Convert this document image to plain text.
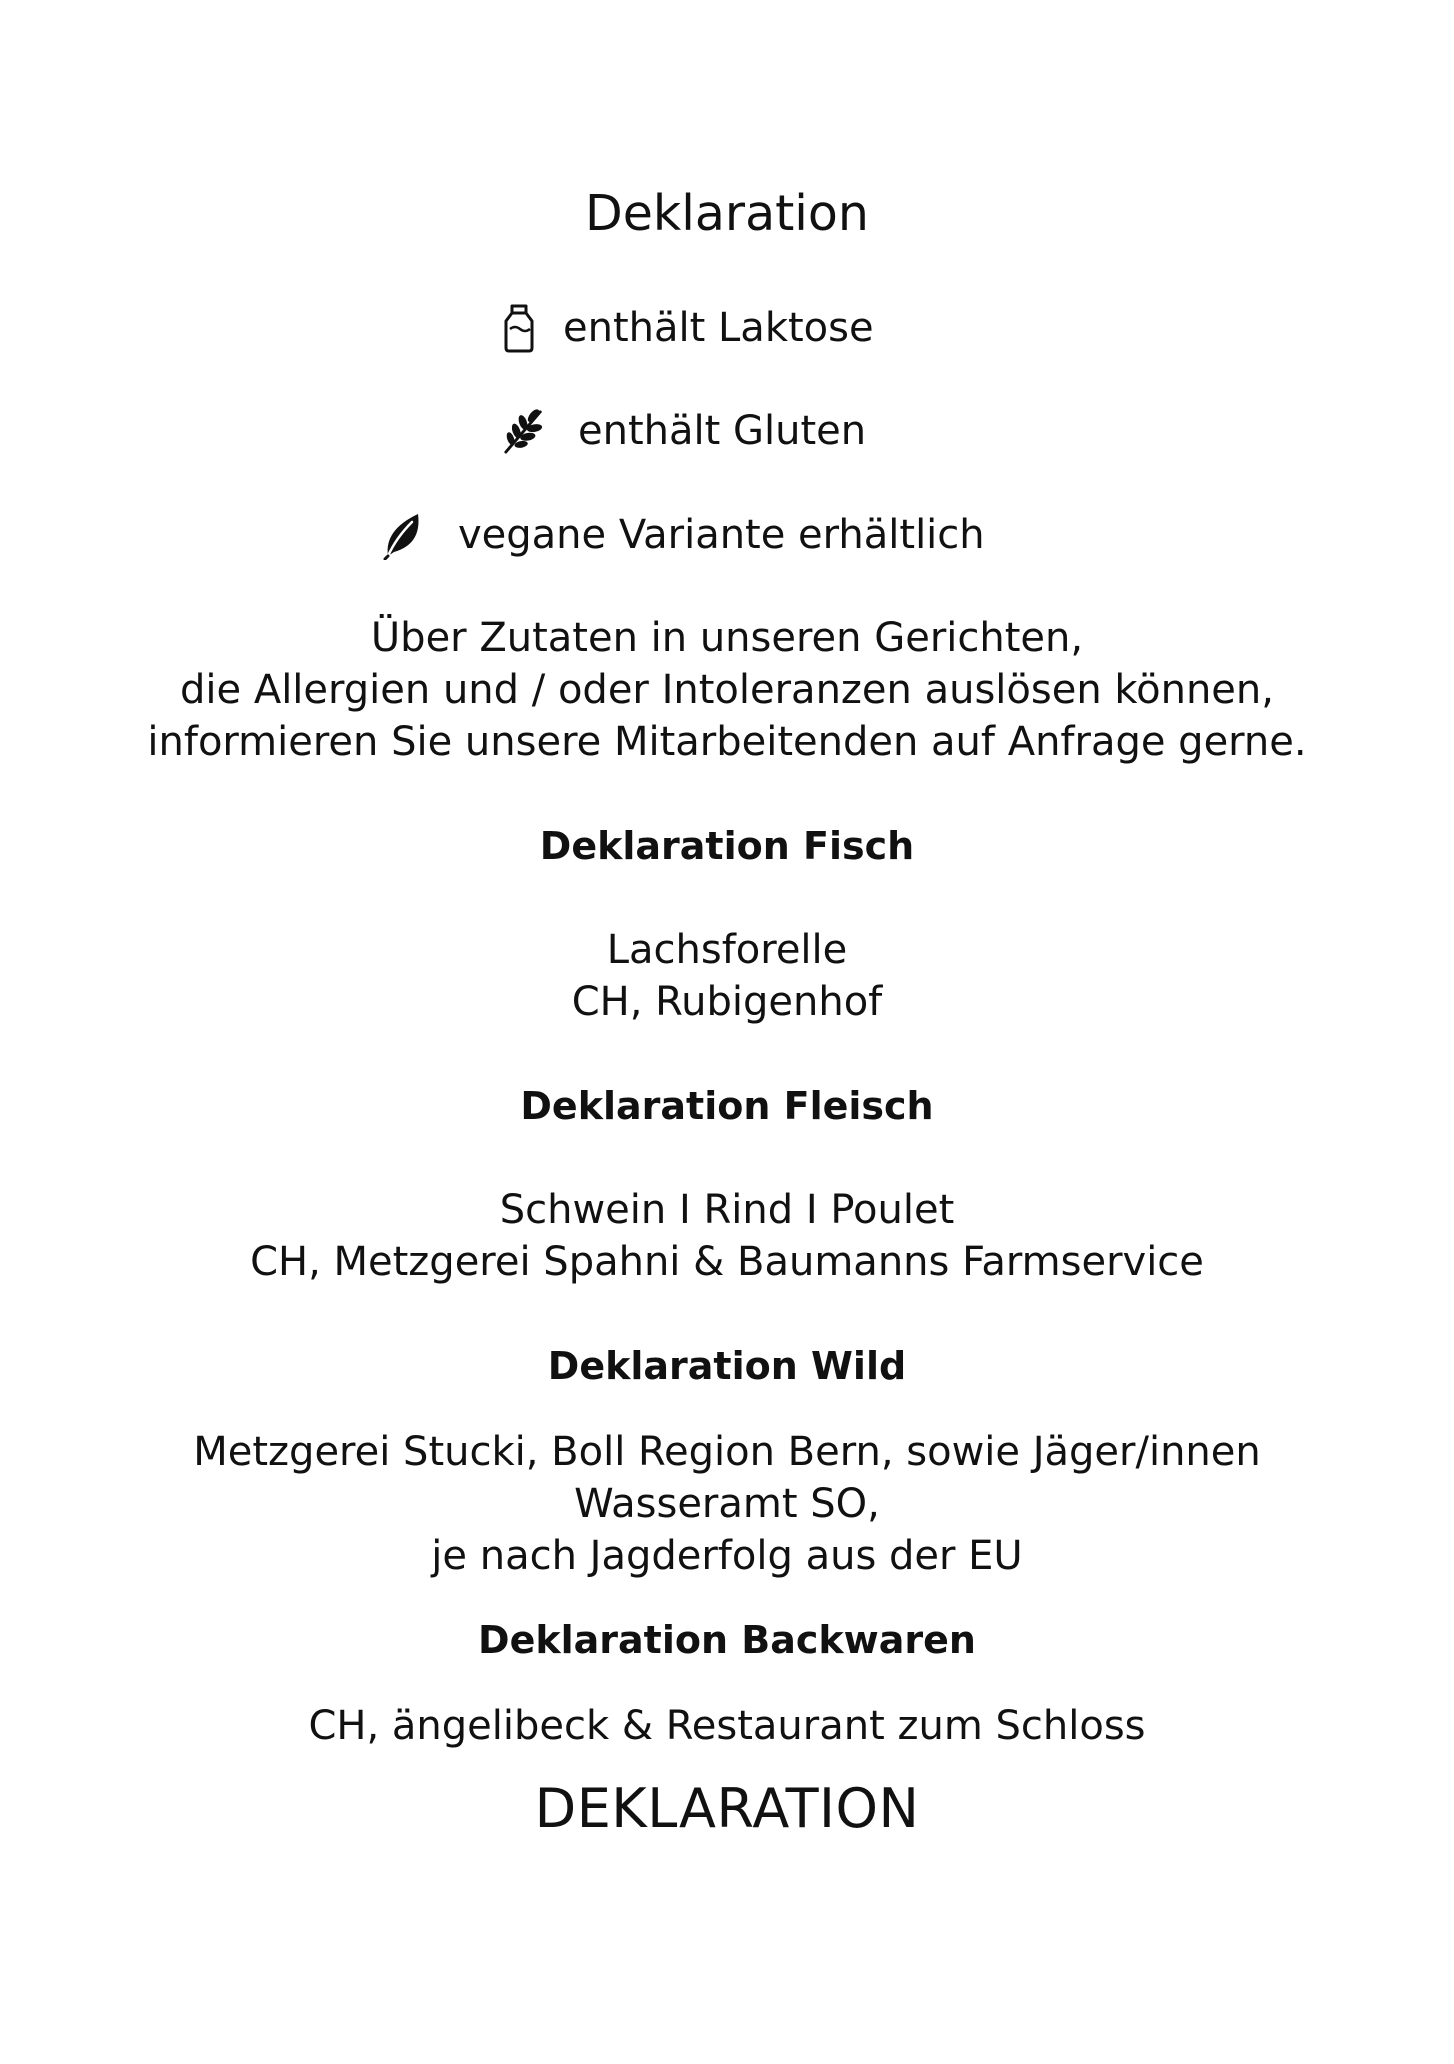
Deklaration
enthält Laktose
enthält Gluten
vegane Variante erhältlich
Über Zutaten in unseren Gerichten,
die Allergien und / oder Intoleranzen auslösen können,
informieren Sie unsere Mitarbeitenden auf Anfrage gerne.
Deklaration Fisch
Lachsforelle
CH, Rubigenhof
Deklaration Fleisch
Schwein I Rind I Poulet
CH, Metzgerei Spahni & Baumanns Farmservice
Deklaration Wild
Metzgerei Stucki, Boll Region Bern, sowie Jäger/innen
Wasseramt SO,
je nach Jagderfolg aus der EU
Deklaration Backwaren
CH, ängelibeck & Restaurant zum Schloss
DEKLARATION
